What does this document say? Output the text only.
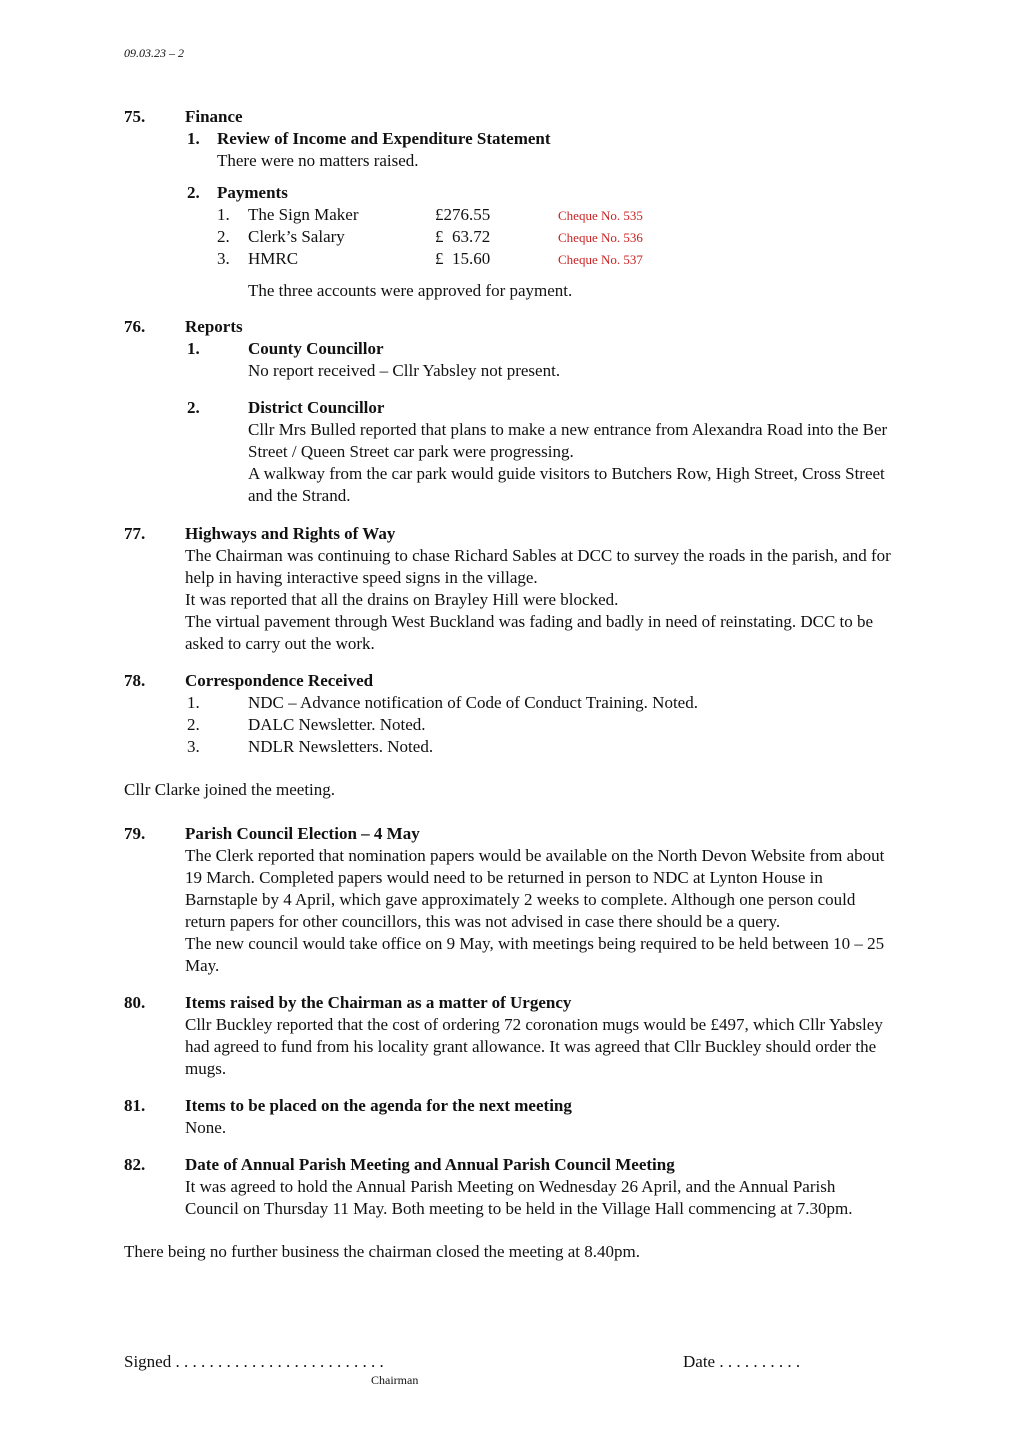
09.03.23 – 2
75. Finance
1. Review of Income and Expenditure Statement
There were no matters raised.
2. Payments
1. The Sign Maker	£276.55	Cheque No. 535
2. Clerk’s Salary	£  63.72	Cheque No. 536
3. HMRC	£  15.60	Cheque No. 537
The three accounts were approved for payment.
76. Reports
1.	County Councillor
No report received – Cllr Yabsley not present.
2.	District Councillor
Cllr Mrs Bulled reported that plans to make a new entrance from Alexandra Road into the Ber
Street / Queen Street car park were progressing.
A walkway from the car park would guide visitors to Butchers Row, High Street, Cross Street
and the Strand.
77. Highways and Rights of Way
The Chairman was continuing to chase Richard Sables at DCC to survey the roads in the parish, and for
help in having interactive speed signs in the village.
It was reported that all the drains on Brayley Hill were blocked.
The virtual pavement through West Buckland was fading and badly in need of reinstating. DCC to be
asked to carry out the work.
78. Correspondence Received
1.	NDC – Advance notification of Code of Conduct Training. Noted.
2.	DALC Newsletter. Noted.
3.	NDLR Newsletters. Noted.
Cllr Clarke joined the meeting.
79. Parish Council Election – 4 May
The Clerk reported that nomination papers would be available on the North Devon Website from about
19 March. Completed papers would need to be returned in person to NDC at Lynton House in
Barnstaple by 4 April, which gave approximately 2 weeks to complete. Although one person could
return papers for other councillors, this was not advised in case there should be a query.
The new council would take office on 9 May, with meetings being required to be held between 10 – 25
May.
80. Items raised by the Chairman as a matter of Urgency
Cllr Buckley reported that the cost of ordering 72 coronation mugs would be £497, which Cllr Yabsley
had agreed to fund from his locality grant allowance. It was agreed that Cllr Buckley should order the
mugs.
81. Items to be placed on the agenda for the next meeting
None.
82. Date of Annual Parish Meeting and Annual Parish Council Meeting
It was agreed to hold the Annual Parish Meeting on Wednesday 26 April, and the Annual Parish
Council on Thursday 11 May. Both meeting to be held in the Village Hall commencing at 7.30pm.
There being no further business the chairman closed the meeting at 8.40pm.
Signed . . . . . . . . . . . . . . . . . . . . . . . . .
Chairman
Date . . . . . . . . . .
